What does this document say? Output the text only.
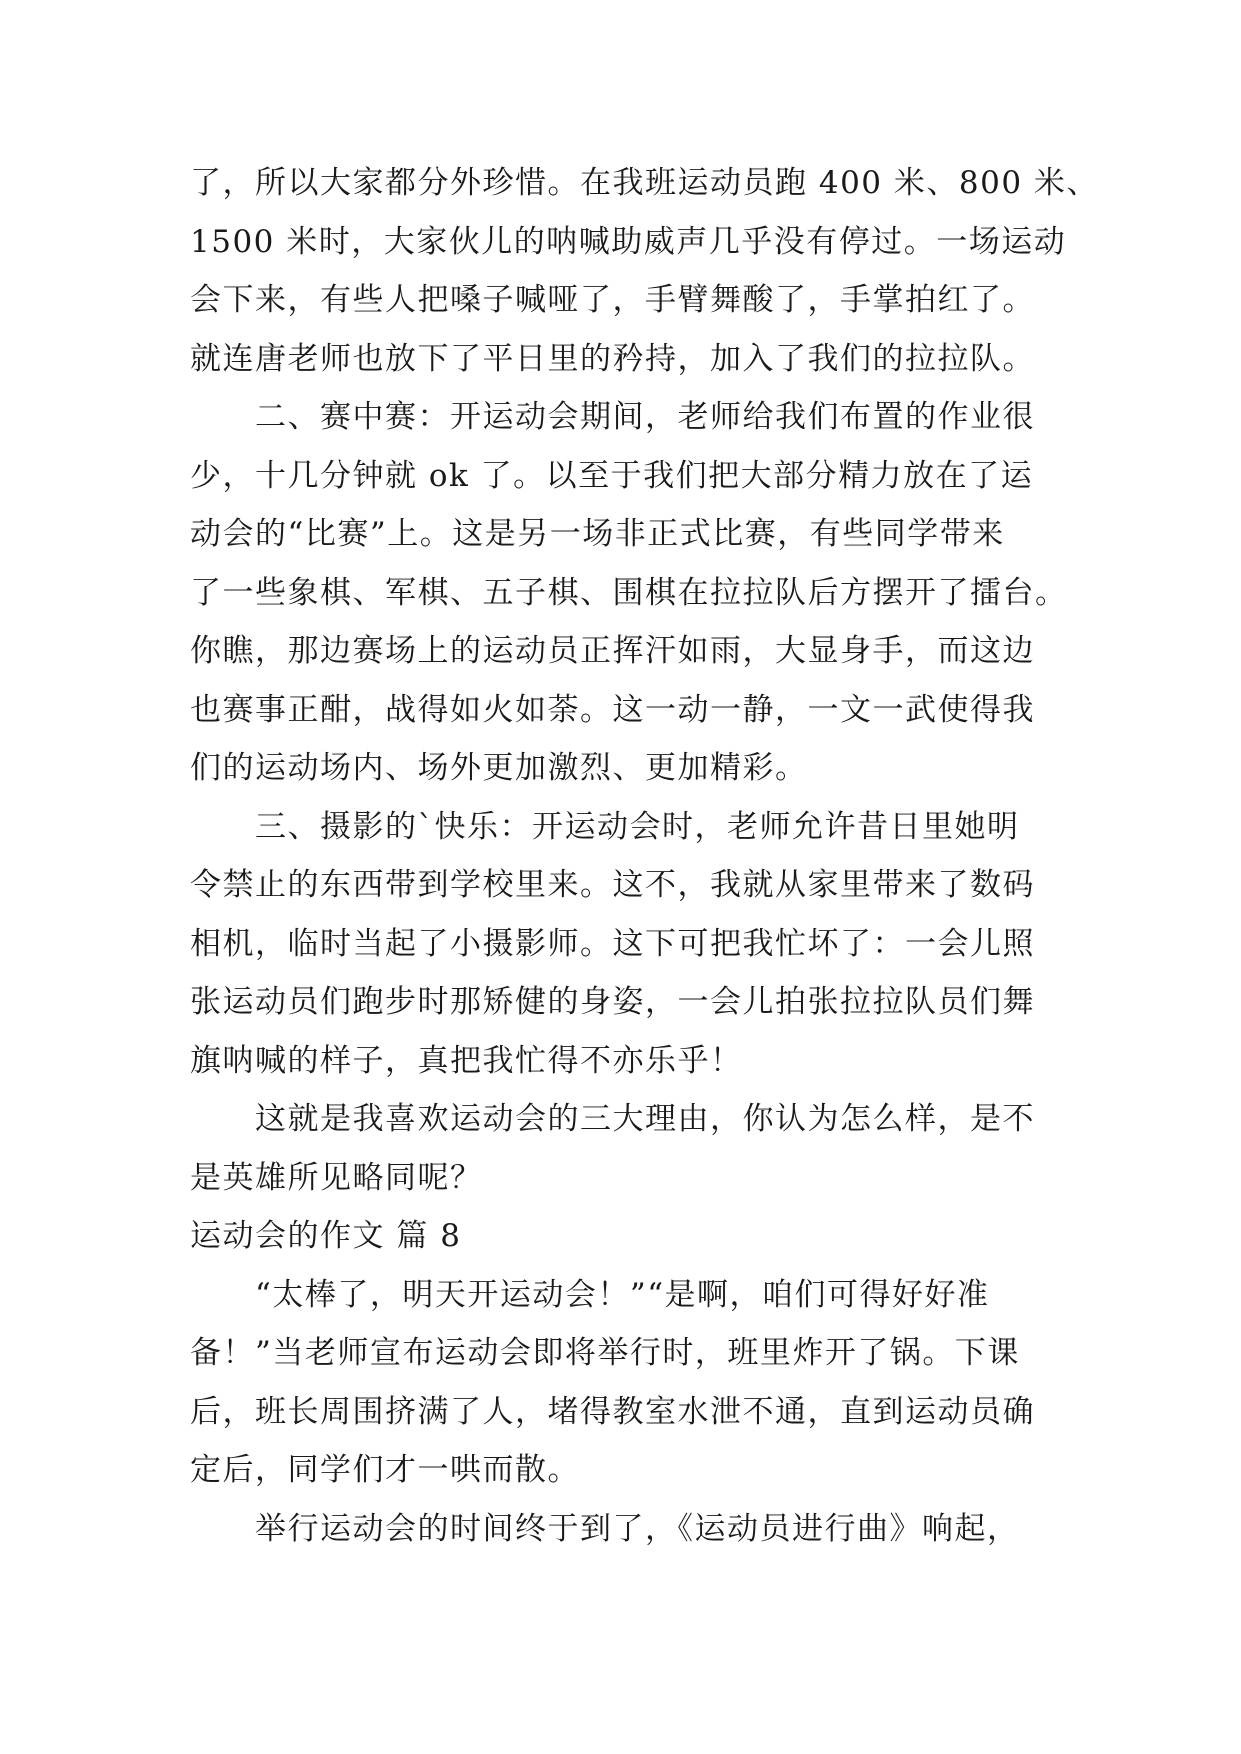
了，所以大家都分外珍惜。在我班运动员跑 400 米、800 米、
1500 米时，大家伙儿的呐喊助威声几乎没有停过。一场运动
会下来，有些人把嗓子喊哑了，手臂舞酸了，手掌拍红了。
就连唐老师也放下了平日里的矜持，加入了我们的拉拉队。
　　二、赛中赛：开运动会期间，老师给我们布置的作业很
少，十几分钟就 ok 了。以至于我们把大部分精力放在了运
动会的“比赛”上。这是另一场非正式比赛，有些同学带来
了一些象棋、军棋、五子棋、围棋在拉拉队后方摆开了擂台。
你瞧，那边赛场上的运动员正挥汗如雨，大显身手，而这边
也赛事正酣，战得如火如荼。这一动一静，一文一武使得我
们的运动场内、场外更加激烈、更加精彩。
　　三、摄影的`快乐：开运动会时，老师允许昔日里她明
令禁止的东西带到学校里来。这不，我就从家里带来了数码
相机，临时当起了小摄影师。这下可把我忙坏了：一会儿照
张运动员们跑步时那矫健的身姿，一会儿拍张拉拉队员们舞
旗呐喊的样子，真把我忙得不亦乐乎！
　　这就是我喜欢运动会的三大理由，你认为怎么样，是不
是英雄所见略同呢？
运动会的作文 篇 8
　　“太棒了，明天开运动会！”“是啊，咱们可得好好准
备！”当老师宣布运动会即将举行时，班里炸开了锅。下课
后，班长周围挤满了人，堵得教室水泄不通，直到运动员确
定后，同学们才一哄而散。
　　举行运动会的时间终于到了，《运动员进行曲》响起，
